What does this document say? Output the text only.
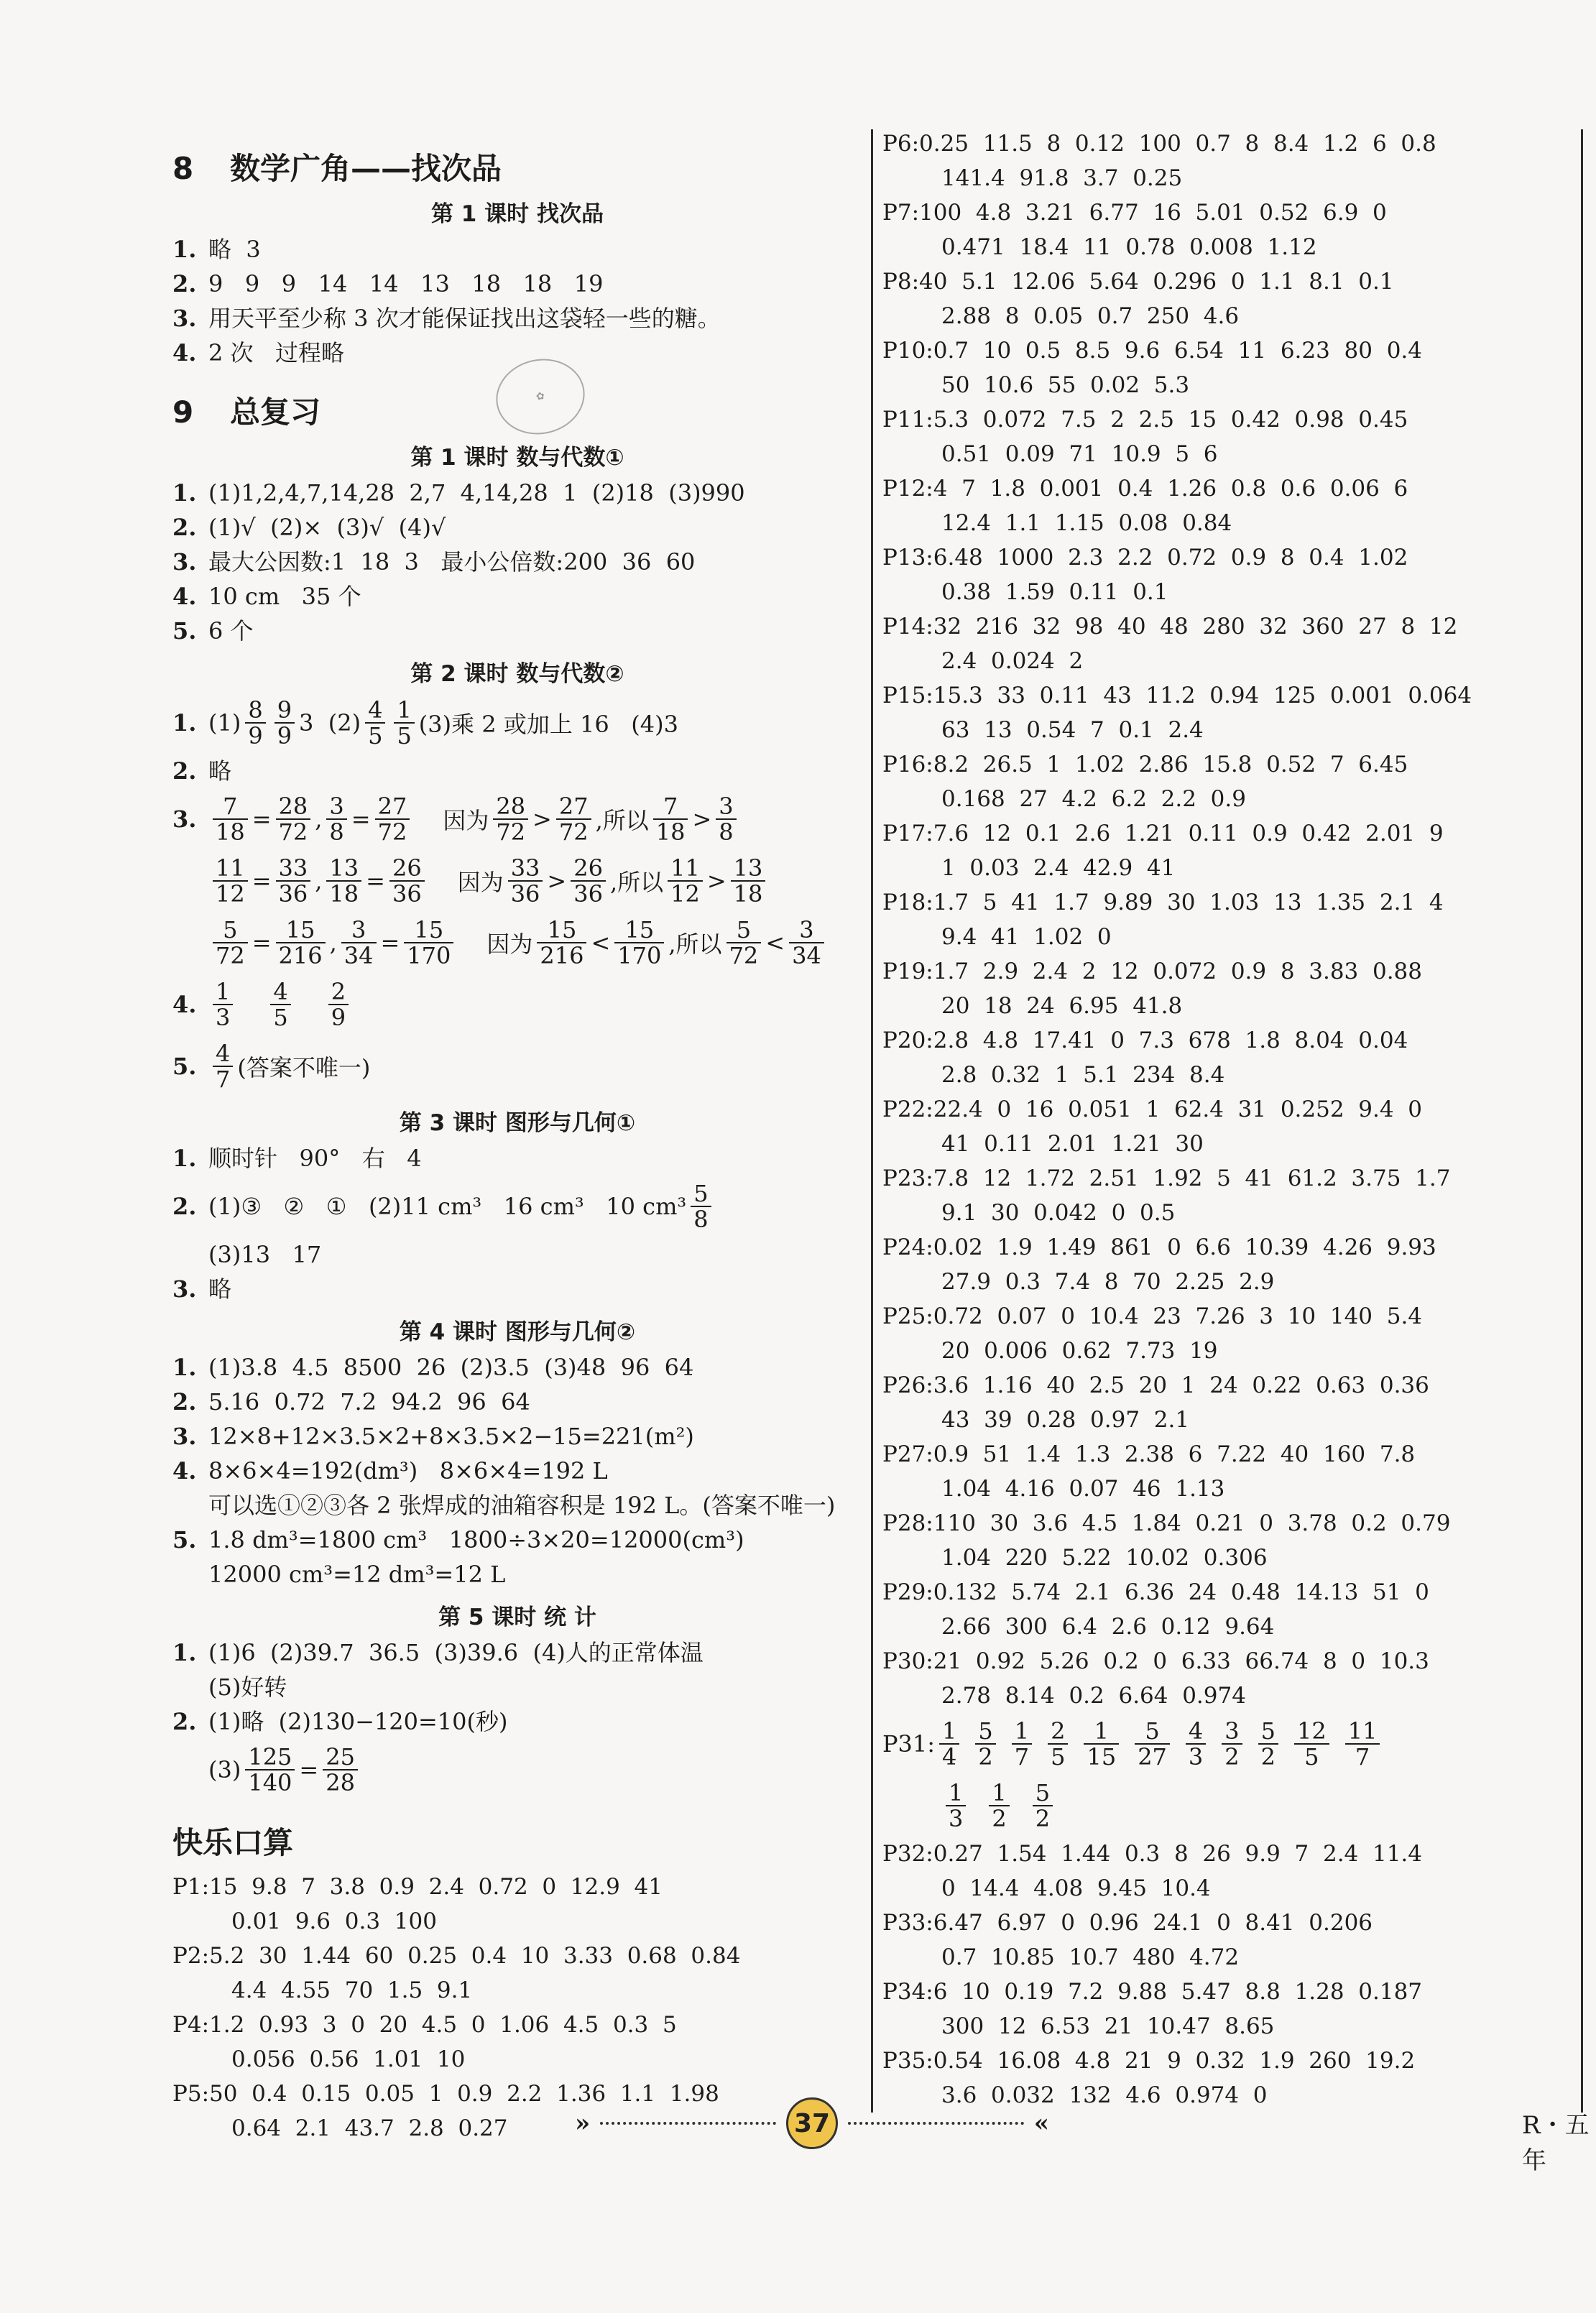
8 数学广角——找次品
第 1 课时 找次品
1. 略  3
2. 9   9   9   14   14   13   18   18   19
3. 用天平至少称 3 次才能保证找出这袋轻一些的糖。
4. 2 次   过程略
9 总复习
第 1 课时 数与代数①
1. (1)1,2,4,7,14,28  2,7  4,14,28  1  (2)18  (3)990
2. (1)√  (2)×  (3)√  (4)√
3. 最大公因数:1  18  3   最小公倍数:200  36  60
4. 10 cm   35 个
5. 6 个
第 2 课时 数与代数②
1. $(1) \frac{8}{9} \frac{9}{9} 3$  $(2) \frac{4}{5} \frac{1}{5} (3)$乘 2 或加上 16   (4)3
2. 略
3. $\frac{7}{18} = \frac{28}{72}$ , $\frac{3}{8} = \frac{27}{72}$ 因为 $\frac{28}{72} > \frac{27}{72}$ ,所以 $\frac{7}{18} > \frac{3}{8}$
$\frac{11}{12} = \frac{33}{36}$ , $\frac{13}{18} = \frac{26}{36}$ 因为 $\frac{33}{36} > \frac{26}{36}$ ,所以 $\frac{11}{12} > \frac{13}{18}$
$\frac{5}{72} = \frac{15}{216}$ , $\frac{3}{34} = \frac{15}{170}$ 因为 $\frac{15}{216} < \frac{15}{170}$ ,所以 $\frac{5}{72} < \frac{3}{34}$
4. $\frac{1}{3} \frac{4}{5} \frac{2}{9}$
5. $\frac{4}{7}$ (答案不唯一)
第 3 课时 图形与几何①
1. 顺时针   90°   右   4
2. (1)③   ②   ①   (2)11 cm³   16 cm³   10 $cm^3 \frac{5}{8}$
(3)13   17
3. 略
第 4 课时 图形与几何②
1. (1)3.8  4.5  8500  26  (2)3.5  (3)48  96  64
2. 5.16  0.72  7.2  94.2  96  64
3. 12×8+12×3.5×2+8×3.5×2−15=221(m²)
4. 8×6×4=192(dm³)   8×6×4=192 L
可以选①②③各 2 张焊成的油箱容积是 192 L。(答案不唯一)
5. 1.8 dm³=1800 cm³   1800÷3×20=12000(cm³)
12000 cm³=12 dm³=12 L
第 5 课时 统 计
1. (1)6  (2)39.7  36.5  (3)39.6  (4)人的正常体温
(5)好转
2. (1)略  (2)130−120=10(秒)
$(3) \frac{125}{140} = \frac{25}{28}$
快乐口算
P1:15  9.8  7  3.8  0.9  2.4  0.72  0  12.9  41
0.01  9.6  0.3  100
P2:5.2  30  1.44  60  0.25  0.4  10  3.33  0.68  0.84
4.4  4.55  70  1.5  9.1
P4:1.2  0.93  3  0  20  4.5  0  1.06  4.5  0.3  5
0.056  0.56  1.01  10
P5:50  0.4  0.15  0.05  1  0.9  2.2  1.36  1.1  1.98
0.64  2.1  43.7  2.8  0.27
P6:0.25  11.5  8  0.12  100  0.7  8  8.4  1.2  6  0.8
141.4  91.8  3.7  0.25
P7:100  4.8  3.21  6.77  16  5.01  0.52  6.9  0
0.471  18.4  11  0.78  0.008  1.12
P8:40  5.1  12.06  5.64  0.296  0  1.1  8.1  0.1
2.88  8  0.05  0.7  250  4.6
P10:0.7  10  0.5  8.5  9.6  6.54  11  6.23  80  0.4
50  10.6  55  0.02  5.3
P11:5.3  0.072  7.5  2  2.5  15  0.42  0.98  0.45
0.51  0.09  71  10.9  5  6
P12:4  7  1.8  0.001  0.4  1.26  0.8  0.6  0.06  6
12.4  1.1  1.15  0.08  0.84
P13:6.48  1000  2.3  2.2  0.72  0.9  8  0.4  1.02
0.38  1.59  0.11  0.1
P14:32  216  32  98  40  48  280  32  360  27  8  12
2.4  0.024  2
P15:15.3  33  0.11  43  11.2  0.94  125  0.001  0.064
63  13  0.54  7  0.1  2.4
P16:8.2  26.5  1  1.02  2.86  15.8  0.52  7  6.45
0.168  27  4.2  6.2  2.2  0.9
P17:7.6  12  0.1  2.6  1.21  0.11  0.9  0.42  2.01  9
1  0.03  2.4  42.9  41
P18:1.7  5  41  1.7  9.89  30  1.03  13  1.35  2.1  4
9.4  41  1.02  0
P19:1.7  2.9  2.4  2  12  0.072  0.9  8  3.83  0.88
20  18  24  6.95  41.8
P20:2.8  4.8  17.41  0  7.3  678  1.8  8.04  0.04
2.8  0.32  1  5.1  234  8.4
P22:22.4  0  16  0.051  1  62.4  31  0.252  9.4  0
41  0.11  2.01  1.21  30
P23:7.8  12  1.72  2.51  1.92  5  41  61.2  3.75  1.7
9.1  30  0.042  0  0.5
P24:0.02  1.9  1.49  861  0  6.6  10.39  4.26  9.93
27.9  0.3  7.4  8  70  2.25  2.9
P25:0.72  0.07  0  10.4  23  7.26  3  10  140  5.4
20  0.006  0.62  7.73  19
P26:3.6  1.16  40  2.5  20  1  24  0.22  0.63  0.36
43  39  0.28  0.97  2.1
P27:0.9  51  1.4  1.3  2.38  6  7.22  40  160  7.8
1.04  4.16  0.07  46  1.13
P28:110  30  3.6  4.5  1.84  0.21  0  3.78  0.2  0.79
1.04  220  5.22  10.02  0.306
P29:0.132  5.74  2.1  6.36  24  0.48  14.13  51  0
2.66  300  6.4  2.6  0.12  9.64
P30:21  0.92  5.26  0.2  0  6.33  66.74  8  0  10.3
2.78  8.14  0.2  6.64  0.974
P31: $\frac{1}{4} \frac{5}{2} \frac{1}{7} \frac{2}{5} \frac{1}{15} \frac{5}{27} \frac{4}{3} \frac{3}{2} \frac{5}{2} \frac{12}{5} \frac{11}{7}$
$\frac{1}{3} \frac{1}{2} \frac{5}{2}$
P32:0.27  1.54  1.44  0.3  8  26  9.9  7  2.4  11.4
0  14.4  4.08  9.45  10.4
P33:6.47  6.97  0  0.96  24.1  0  8.41  0.206
0.7  10.85  10.7  480  4.72
P34:6  10  0.19  7.2  9.88  5.47  8.8  1.28  0.187
300  12  6.53  21  10.47  8.65
P35:0.54  16.08  4.8  21  9  0.32  1.9  260  19.2
3.6  0.032  132  4.6  0.974  0
✿
»	37	«	R・五年
